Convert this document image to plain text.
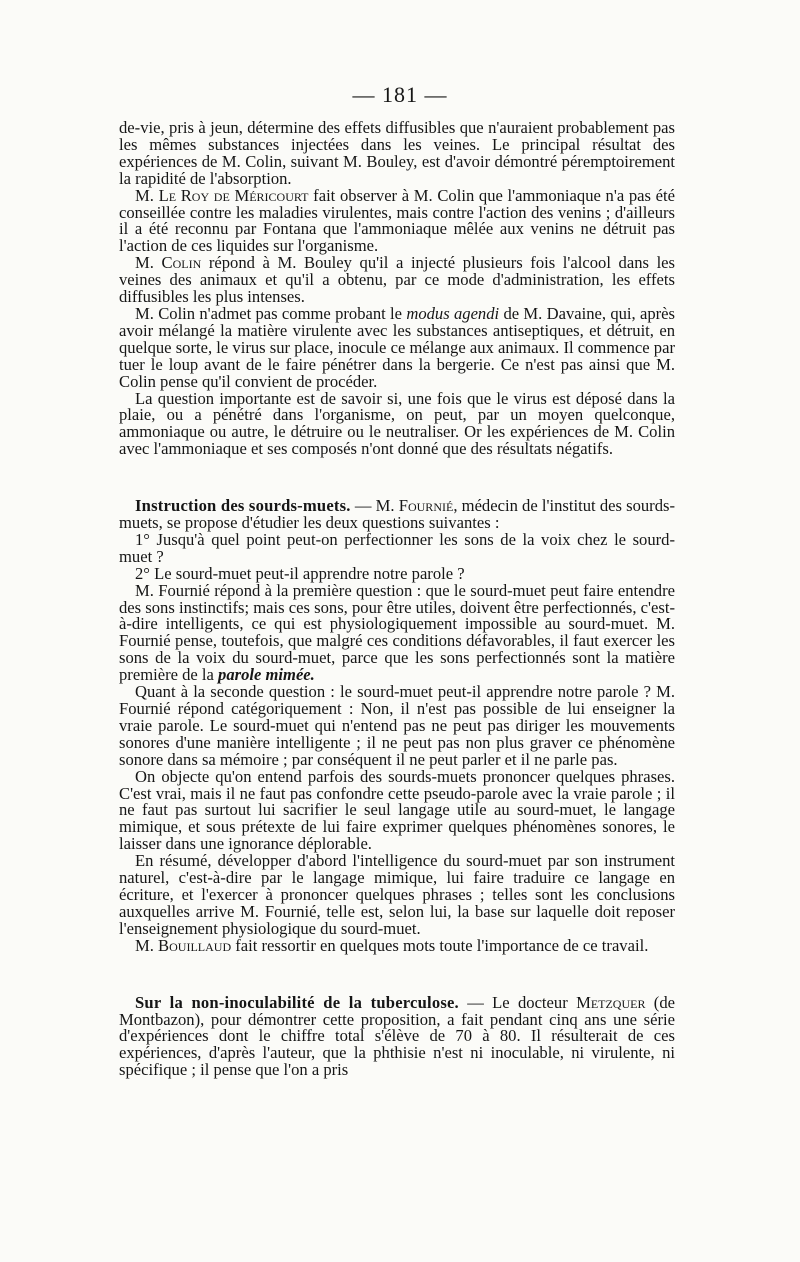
— 181 —

de-vie, pris à jeun, détermine des effets diffusibles que n'auraient probablement pas les mêmes substances injectées dans les veines. Le principal résultat des expériences de M. Colin, suivant M. Bouley, est d'avoir démontré péremptoirement la rapidité de l'absorption.

M. Le Roy de Méricourt fait observer à M. Colin que l'ammoniaque n'a pas été conseillée contre les maladies virulentes, mais contre l'action des venins ; d'ailleurs il a été reconnu par Fontana que l'ammoniaque mêlée aux venins ne détruit pas l'action de ces liquides sur l'organisme.

M. Colin répond à M. Bouley qu'il a injecté plusieurs fois l'alcool dans les veines des animaux et qu'il a obtenu, par ce mode d'administration, les effets diffusibles les plus intenses.

M. Colin n'admet pas comme probant le modus agendi de M. Davaine, qui, après avoir mélangé la matière virulente avec les substances antiseptiques, et détruit, en quelque sorte, le virus sur place, inocule ce mélange aux animaux. Il commence par tuer le loup avant de le faire pénétrer dans la bergerie. Ce n'est pas ainsi que M. Colin pense qu'il convient de procéder.

La question importante est de savoir si, une fois que le virus est déposé dans la plaie, ou a pénétré dans l'organisme, on peut, par un moyen quelconque, ammoniaque ou autre, le détruire ou le neutraliser. Or les expériences de M. Colin avec l'ammoniaque et ses composés n'ont donné que des résultats négatifs.

Instruction des sourds-muets. — M. Fournié, médecin de l'institut des sourds-muets, se propose d'étudier les deux questions suivantes :

1° Jusqu'à quel point peut-on perfectionner les sons de la voix chez le sourd-muet ?

2° Le sourd-muet peut-il apprendre notre parole ?

M. Fournié répond à la première question : que le sourd-muet peut faire entendre des sons instinctifs; mais ces sons, pour être utiles, doivent être perfectionnés, c'est-à-dire intelligents, ce qui est physiologiquement impossible au sourd-muet. M. Fournié pense, toutefois, que malgré ces conditions défavorables, il faut exercer les sons de la voix du sourd-muet, parce que les sons perfectionnés sont la matière première de la parole mimée.

Quant à la seconde question : le sourd-muet peut-il apprendre notre parole ? M. Fournié répond catégoriquement : Non, il n'est pas possible de lui enseigner la vraie parole. Le sourd-muet qui n'entend pas ne peut pas diriger les mouvements sonores d'une manière intelligente ; il ne peut pas non plus graver ce phénomène sonore dans sa mémoire ; par conséquent il ne peut parler et il ne parle pas.

On objecte qu'on entend parfois des sourds-muets prononcer quelques phrases. C'est vrai, mais il ne faut pas confondre cette pseudo-parole avec la vraie parole ; il ne faut pas surtout lui sacrifier le seul langage utile au sourd-muet, le langage mimique, et sous prétexte de lui faire exprimer quelques phénomènes sonores, le laisser dans une ignorance déplorable.

En résumé, développer d'abord l'intelligence du sourd-muet par son instrument naturel, c'est-à-dire par le langage mimique, lui faire traduire ce langage en écriture, et l'exercer à prononcer quelques phrases ; telles sont les conclusions auxquelles arrive M. Fournié, telle est, selon lui, la base sur laquelle doit reposer l'enseignement physiologique du sourd-muet.

M. Bouillaud fait ressortir en quelques mots toute l'importance de ce travail.

Sur la non-inoculabilité de la tuberculose. — Le docteur Metzquer (de Montbazon), pour démontrer cette proposition, a fait pendant cinq ans une série d'expériences dont le chiffre total s'élève de 70 à 80. Il résulterait de ces expériences, d'après l'auteur, que la phthisie n'est ni inoculable, ni virulente, ni spécifique ; il pense que l'on a pris
